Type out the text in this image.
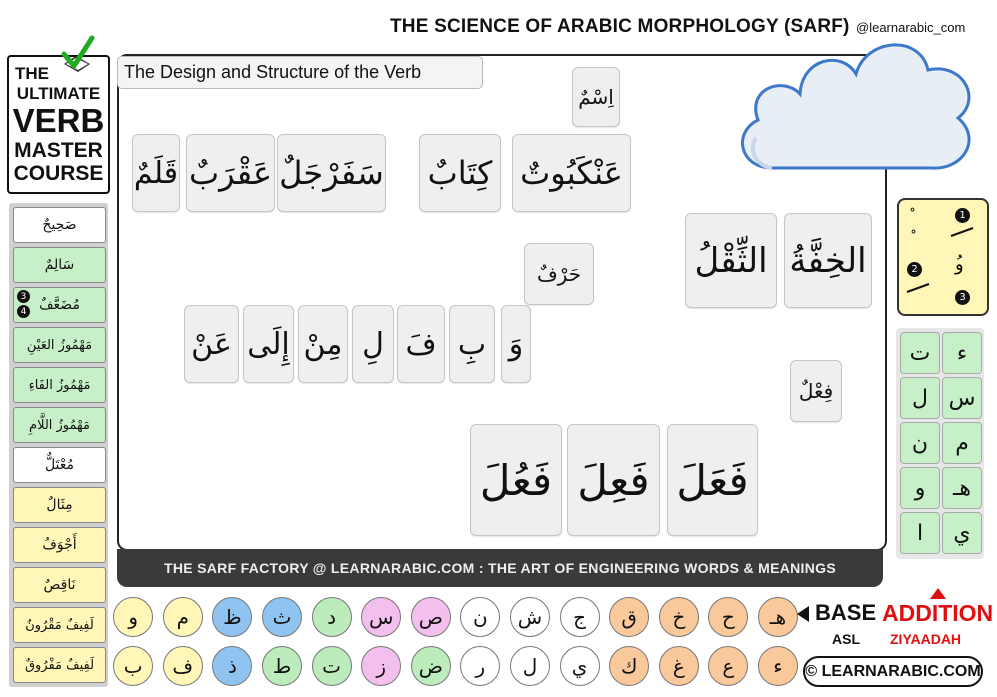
THE SCIENCE OF ARABIC MORPHOLOGY (SARF) @learnarabic_com
THE
ULTIMATE
VERB
MASTER
COURSE
صَحِيحٌ
سَالِمٌ
مُضَعَّفٌ
3
4
مَهْمُوزُ العَيْنِ
مَهْمُوزُ الفَاءِ
مَهْمُوزُ اللَّامِ
مُعْتَلٌّ
مِثَالٌ
أَجْوَفُ
نَاقِصٌ
لَفِيفٌ مَقْرُونٌ
لَفِيفٌ مَفْرُوقٌ
The Design and Structure of the Verb
اِسْمٌ
عَنْكَبُوتٌ
كِتَابٌ
سَفَرْجَلٌ
عَقْرَبٌ
قَلَمٌ
حَرْفٌ
وَ
بِ
فَ
لِ
مِنْ
إِلَى
عَنْ
الثِّقْلُ الخِفَّةُ
فِعْلٌ
فَعَلَ
فَعِلَ
فَعُلَ
1
2 ُو
3
ت	ء
ل س
ن	م
و	هـ
ا	ي
THE SARF FACTORY @ LEARNARABIC.COM : THE ART OF ENGINEERING WORDS & MEANINGS
هـ
ح
خ
ق
ج
ش
ن
ص
س
د
ث
ظ
م
و
ء
ع
غ
ك
ي
ل
ر
ض
ز
ت
ط
ذ
ف
ب
BASE ADDITION
ASL ZIYAADAH
© LEARNARABIC.COM
